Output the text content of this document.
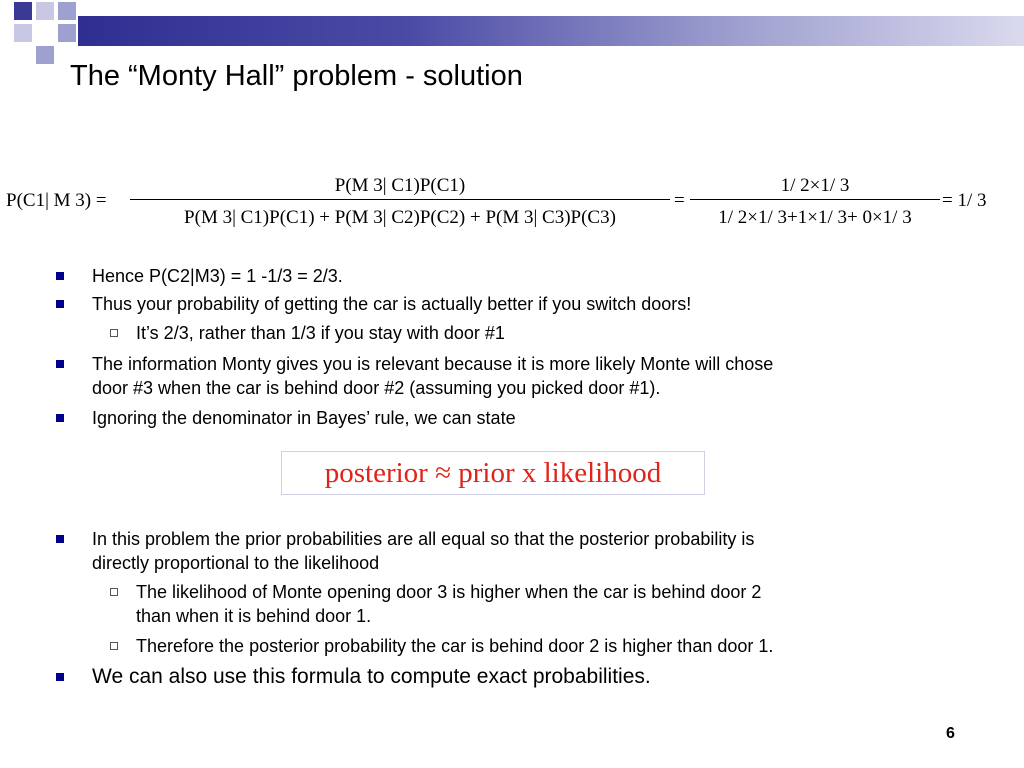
The “Monty Hall” problem - solution
P(C1| M 3) =
P(M 3| C1)P(C1)
P(M 3| C1)P(C1) + P(M 3| C2)P(C2) + P(M 3| C3)P(C3)
=
1/ 2×1/ 3
1/ 2×1/ 3+1×1/ 3+ 0×1/ 3
= 1/ 3
Hence P(C2|M3) = 1 -1/3 = 2/3.
Thus your probability of getting the car is actually better if you switch doors!
It’s 2/3, rather than 1/3 if you stay with door #1
The information Monty gives you is relevant because it is more likely Monte will chose
door #3 when the car is behind door #2 (assuming you picked door #1).
Ignoring the denominator in Bayes’ rule, we can state
In this problem the prior probabilities are all equal so that the posterior probability is
directly proportional to the likelihood
The likelihood of Monte opening door 3 is higher when the car is behind door 2
than when it is behind door 1.
Therefore the posterior probability the car is behind door 2 is higher than door 1.
We can also use this formula to compute exact probabilities.
posterior ≈ prior x likelihood
6
